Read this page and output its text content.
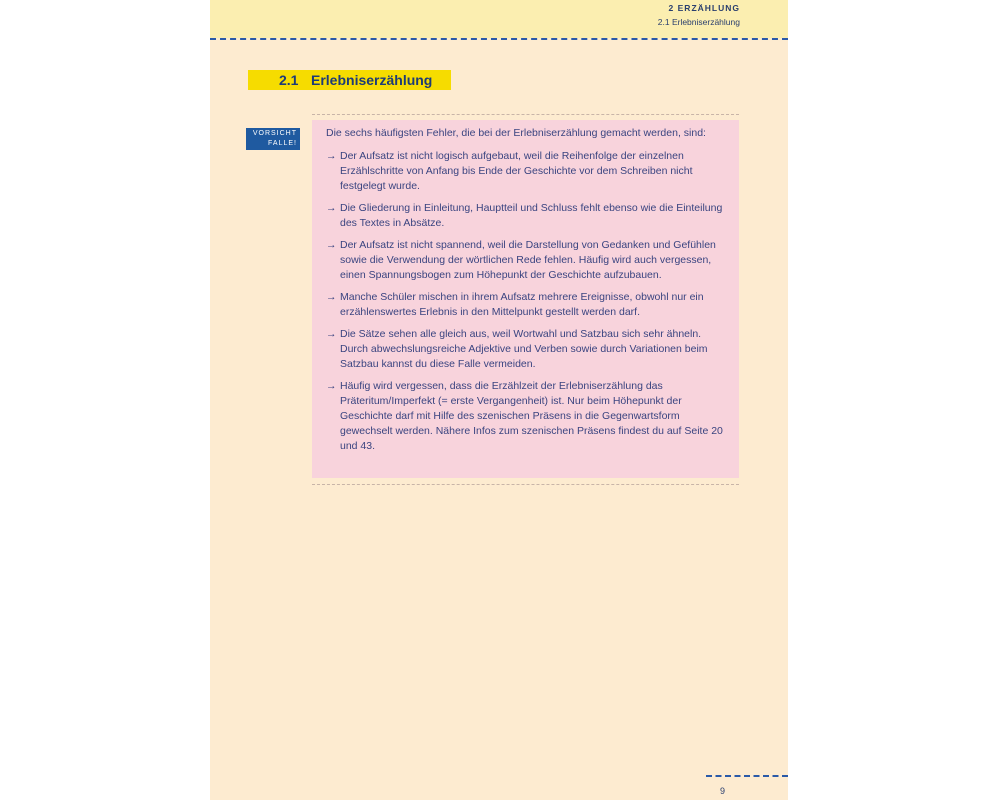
2 ERZÄHLUNG
2.1 Erlebniserzählung
2.1 Erlebniserzählung
VORSICHT
FALLE!
Die sechs häufigsten Fehler, die bei der Erlebniserzählung gemacht werden, sind:
→ Der Aufsatz ist nicht logisch aufgebaut, weil die Reihenfolge der einzelnen Erzählschritte von Anfang bis Ende der Geschichte vor dem Schreiben nicht festgelegt wurde.
→ Die Gliederung in Einleitung, Hauptteil und Schluss fehlt ebenso wie die Einteilung des Textes in Absätze.
→ Der Aufsatz ist nicht spannend, weil die Darstellung von Gedanken und Gefühlen sowie die Verwendung der wörtlichen Rede fehlen. Häufig wird auch vergessen, einen Spannungsbogen zum Höhepunkt der Geschichte aufzubauen.
→ Manche Schüler mischen in ihrem Aufsatz mehrere Ereignisse, obwohl nur ein erzählenswertes Erlebnis in den Mittelpunkt gestellt werden darf.
→ Die Sätze sehen alle gleich aus, weil Wortwahl und Satzbau sich sehr ähneln. Durch abwechslungsreiche Adjektive und Verben sowie durch Variationen beim Satzbau kannst du diese Falle vermeiden.
→ Häufig wird vergessen, dass die Erzählzeit der Erlebniserzählung das Präteritum/Imperfekt (= erste Vergangenheit) ist. Nur beim Höhepunkt der Geschichte darf mit Hilfe des szenischen Präsens in die Gegenwartsform gewechselt werden. Nähere Infos zum szenischen Präsens findest du auf Seite 20 und 43.
9
